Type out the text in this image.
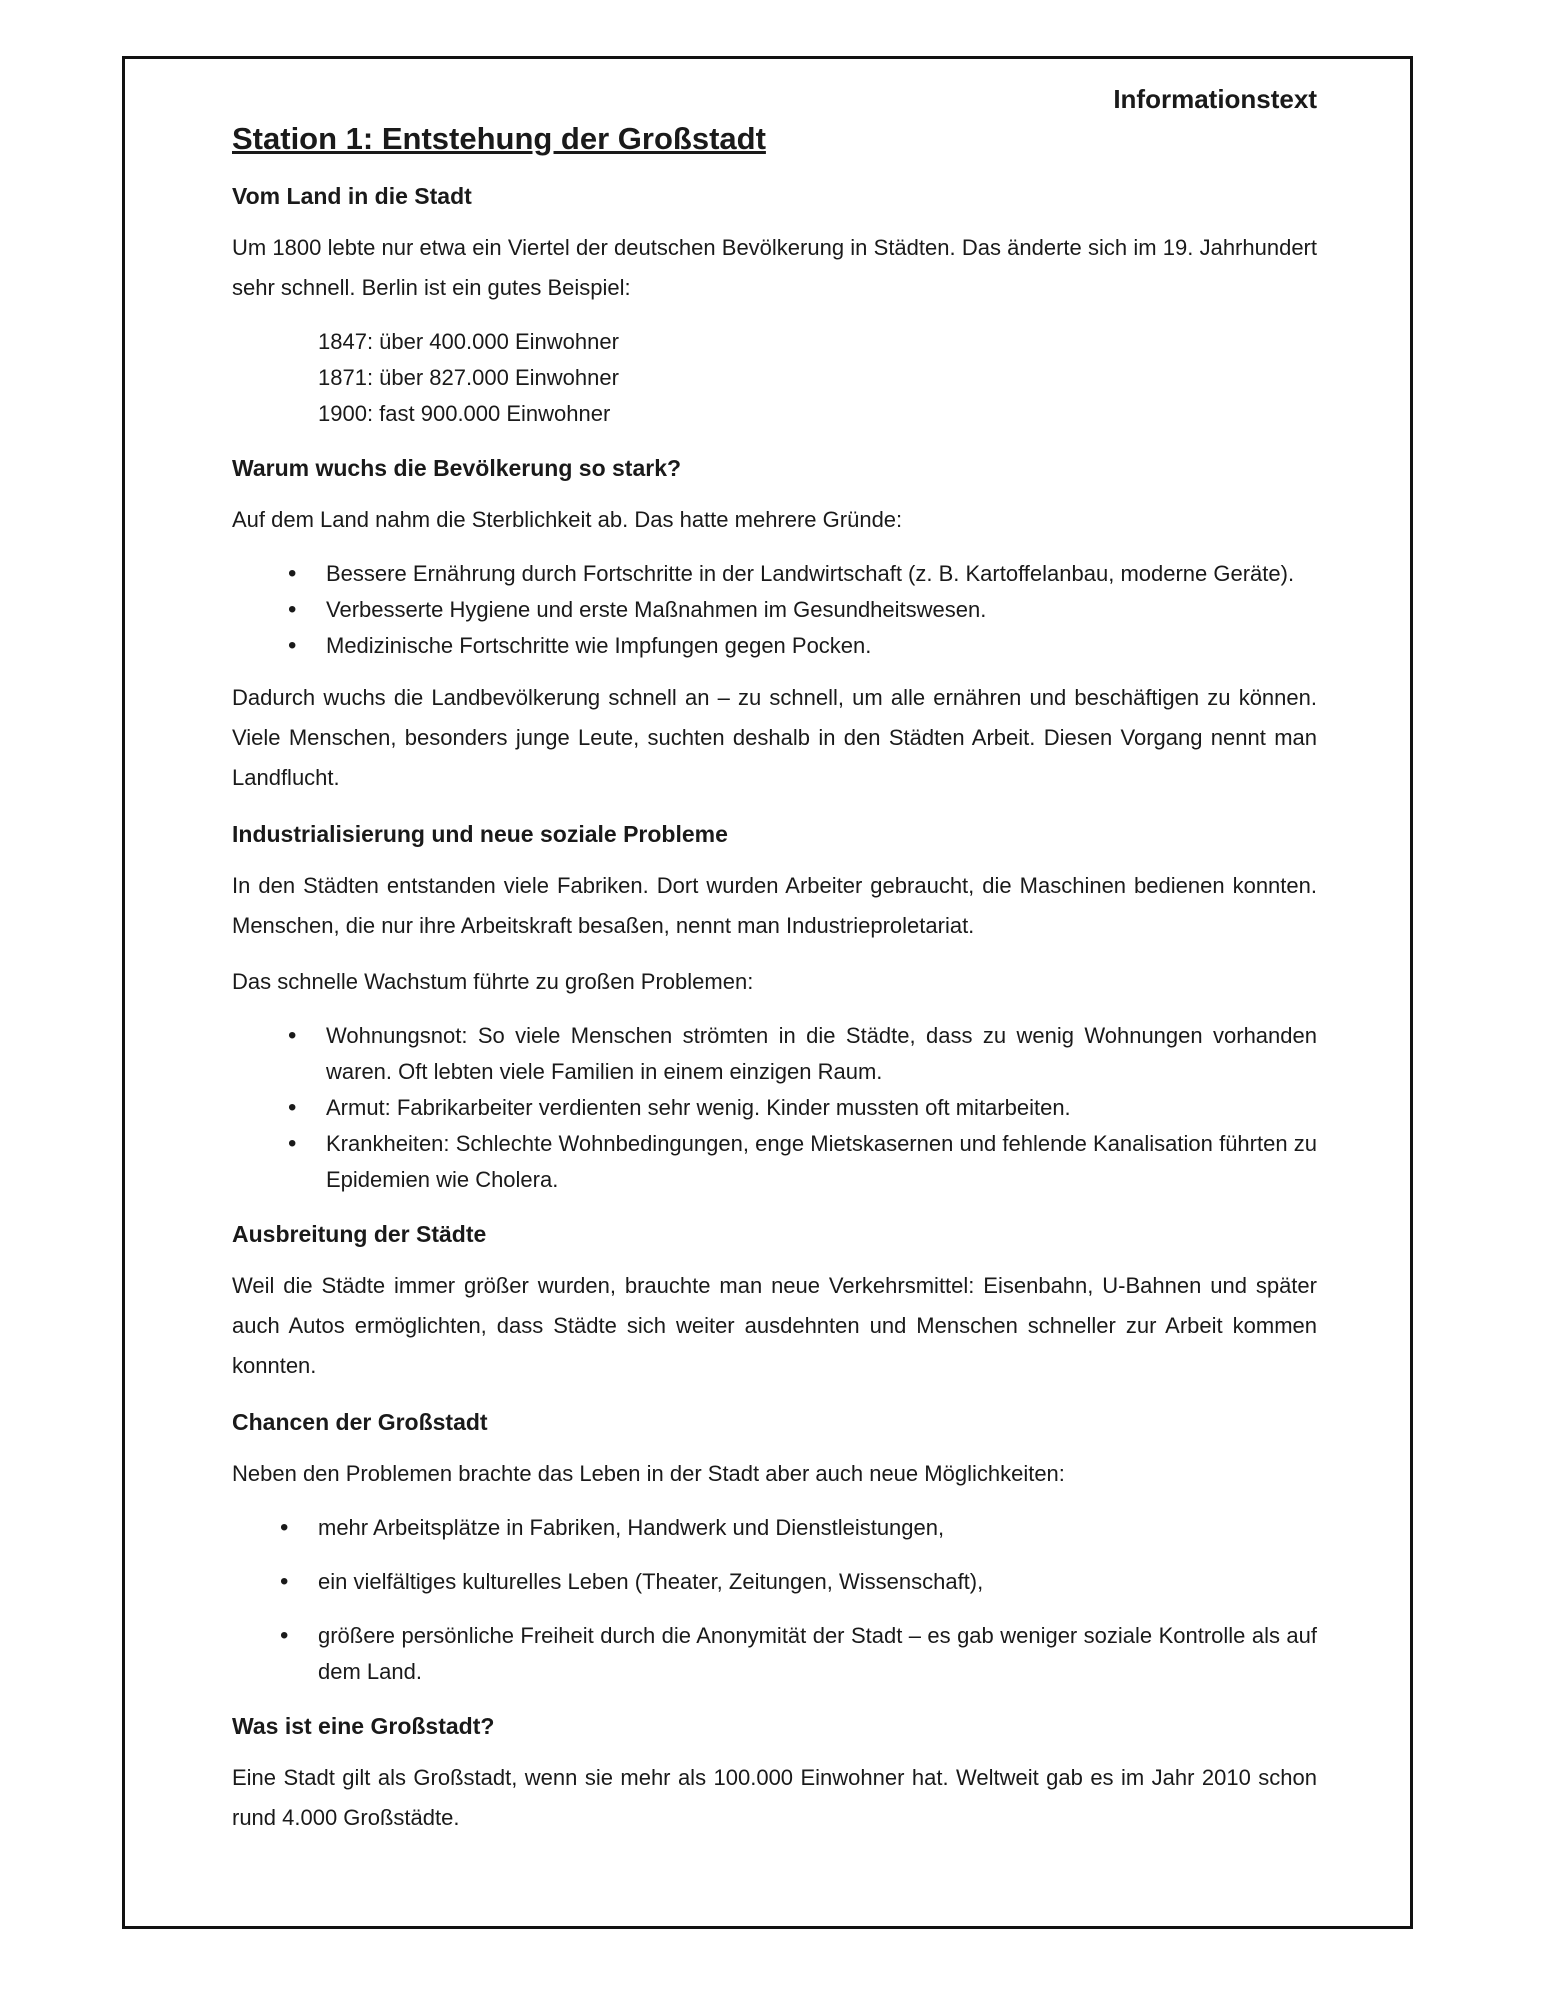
Informationstext
Station 1: Entstehung der Großstadt
Vom Land in die Stadt

Um 1800 lebte nur etwa ein Viertel der deutschen Bevölkerung in Städten. Das änderte sich im 19. Jahrhundert sehr schnell. Berlin ist ein gutes Beispiel:

1847: über 400.000 Einwohner
1871: über 827.000 Einwohner
1900: fast 900.000 Einwohner
Warum wuchs die Bevölkerung so stark?

Auf dem Land nahm die Sterblichkeit ab. Das hatte mehrere Gründe:

• Bessere Ernährung durch Fortschritte in der Landwirtschaft (z. B. Kartoffelanbau, moderne Geräte).
• Verbesserte Hygiene und erste Maßnahmen im Gesundheitswesen.
• Medizinische Fortschritte wie Impfungen gegen Pocken.

Dadurch wuchs die Landbevölkerung schnell an – zu schnell, um alle ernähren und beschäftigen zu können. Viele Menschen, besonders junge Leute, suchten deshalb in den Städten Arbeit. Diesen Vorgang nennt man Landflucht.

Industrialisierung und neue soziale Probleme

In den Städten entstanden viele Fabriken. Dort wurden Arbeiter gebraucht, die Maschinen bedienen konnten. Menschen, die nur ihre Arbeitskraft besaßen, nennt man Industrieproletariat.

Das schnelle Wachstum führte zu großen Problemen:

• Wohnungsnot: So viele Menschen strömten in die Städte, dass zu wenig Wohnungen vorhanden waren. Oft lebten viele Familien in einem einzigen Raum.
• Armut: Fabrikarbeiter verdienten sehr wenig. Kinder mussten oft mitarbeiten.
• Krankheiten: Schlechte Wohnbedingungen, enge Mietskasernen und fehlende Kanalisation führten zu Epidemien wie Cholera.
Ausbreitung der Städte

Weil die Städte immer größer wurden, brauchte man neue Verkehrsmittel: Eisenbahn, U-Bahnen und später auch Autos ermöglichten, dass Städte sich weiter ausdehnten und Menschen schneller zur Arbeit kommen konnten.

Chancen der Großstadt

Neben den Problemen brachte das Leben in der Stadt aber auch neue Möglichkeiten:

• mehr Arbeitsplätze in Fabriken, Handwerk und Dienstleistungen,
• ein vielfältiges kulturelles Leben (Theater, Zeitungen, Wissenschaft),
• größere persönliche Freiheit durch die Anonymität der Stadt – es gab weniger soziale Kontrolle als auf dem Land.
Was ist eine Großstadt?

Eine Stadt gilt als Großstadt, wenn sie mehr als 100.000 Einwohner hat. Weltweit gab es im Jahr 2010 schon rund 4.000 Großstädte.
